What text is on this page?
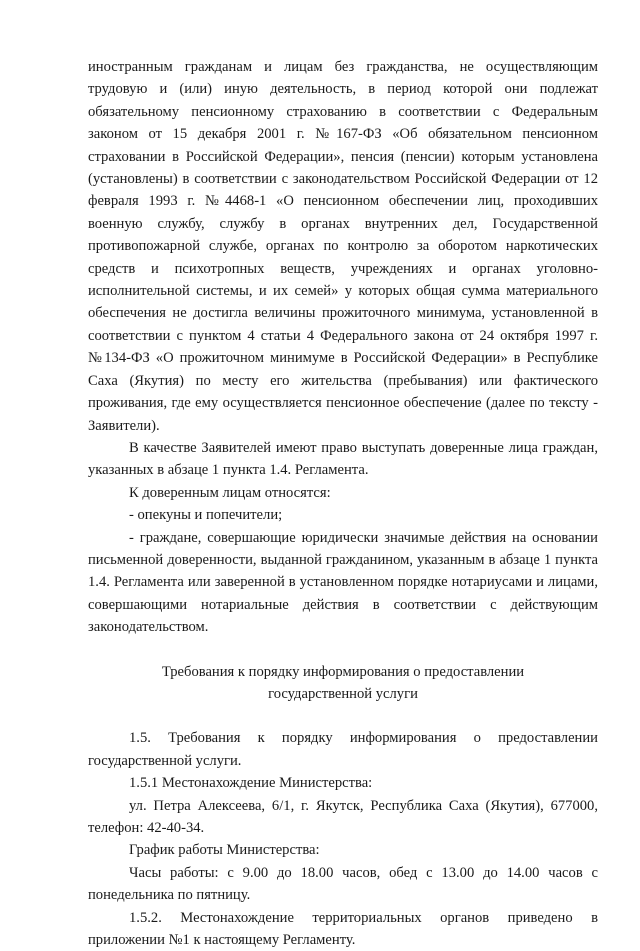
иностранным гражданам и лицам без гражданства, не осуществляющим трудовую и (или) иную деятельность, в период которой они подлежат обязательному пенсионному страхованию в соответствии с Федеральным законом от 15 декабря 2001 г. №167-ФЗ «Об обязательном пенсионном страховании в Российской Федерации», пенсия (пенсии) которым установлена (установлены) в соответствии с законодательством Российской Федерации от 12 февраля 1993 г. №4468-1 «О пенсионном обеспечении лиц, проходивших военную службу, службу в органах внутренних дел, Государственной противопожарной службе, органах по контролю за оборотом наркотических средств и психотропных веществ, учреждениях и органах уголовно-исполнительной системы, и их семей» у которых общая сумма материального обеспечения не достигла величины прожиточного минимума, установленной в соответствии с пунктом 4 статьи 4 Федерального закона от 24 октября 1997 г. №134-ФЗ «О прожиточном минимуме в Российской Федерации» в Республике Саха (Якутия) по месту его жительства (пребывания) или фактического проживания, где ему осуществляется пенсионное обеспечение (далее по тексту - Заявители).

В качестве Заявителей имеют право выступать доверенные лица граждан, указанных в абзаце 1 пункта 1.4. Регламента.

К доверенным лицам относятся:

- опекуны и попечители;

- граждане, совершающие юридически значимые действия на основании письменной доверенности, выданной гражданином, указанным в абзаце 1 пункта 1.4. Регламента или заверенной в установленном порядке нотариусами и лицами, совершающими нотариальные действия в соответствии с действующим законодательством.

Требования к порядку информирования о предоставлении

государственной услуги

1.5. Требования к порядку информирования о предоставлении государственной услуги.

1.5.1 Местонахождение Министерства:

ул. Петра Алексеева, 6/1, г. Якутск, Республика Саха (Якутия), 677000, телефон: 42-40-34.

График работы Министерства:

Часы работы: с 9.00 до 18.00 часов, обед с 13.00 до 14.00 часов с понедельника по пятницу.

1.5.2. Местонахождение территориальных органов приведено в приложении №1 к настоящему Регламенту.
